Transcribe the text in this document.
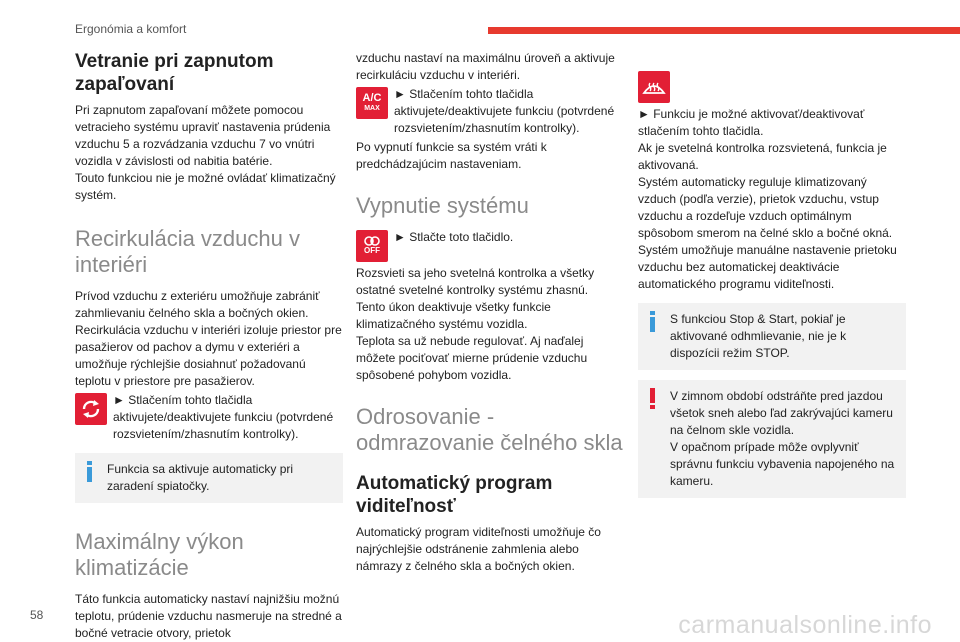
Ergonómia a komfort
Vetranie pri zapnutom zapaľovaní

Pri zapnutom zapaľovaní môžete pomocou vetracieho systému upraviť nastavenia prúdenia vzduchu 5 a rozvádzania vzduchu 7 vo vnútri vozidla v závislosti od nabitia batérie.

Touto funkciou nie je možné ovládať klimatizačný systém.

Recirkulácia vzduchu v interiéri

Prívod vzduchu z exteriéru umožňuje zabrániť zahmlievaniu čelného skla a bočných okien.

Recirkulácia vzduchu v interiéri izoluje priestor pre pasažierov od pachov a dymu v exteriéri a umožňuje rýchlejšie dosiahnuť požadovanú teplotu v priestore pre pasažierov.

► Stlačením tohto tlačidla aktivujete/deaktivujete funkciu (potvrdené rozsvietením/zhasnutím kontrolky).

Funkcia sa aktivuje automaticky pri zaradení spiatočky.

Maximálny výkon klimatizácie

Táto funkcia automaticky nastaví najnižšiu možnú teplotu, prúdenie vzduchu nasmeruje na stredné a bočné vetracie otvory, prietok

vzduchu nastaví na maximálnu úroveň a aktivuje recirkuláciu vzduchu v interiéri.

A/C
MAX

► Stlačením tohto tlačidla aktivujete/deaktivujete funkciu (potvrdené rozsvietením/zhasnutím kontrolky).

Po vypnutí funkcie sa systém vráti k predchádzajúcim nastaveniam.

Vypnutie systému
OFF

► Stlačte toto tlačidlo.

Rozsvieti sa jeho svetelná kontrolka a všetky ostatné svetelné kontrolky systému zhasnú.

Tento úkon deaktivuje všetky funkcie klimatizačného systému vozidla.

Teplota sa už nebude regulovať. Aj naďalej môžete pociťovať mierne prúdenie vzduchu spôsobené pohybom vozidla.

Odrosovanie - odmrazovanie čelného skla
Automatický program viditeľnosť

Automatický program viditeľnosti umožňuje čo najrýchlejšie odstránenie zahmlenia alebo námrazy z čelného skla a bočných okien.

► Funkciu je možné aktivovať/deaktivovať stlačením tohto tlačidla.

Ak je svetelná kontrolka rozsvietená, funkcia je aktivovaná.

Systém automaticky reguluje klimatizovaný vzduch (podľa verzie), prietok vzduchu, vstup vzduchu a rozdeľuje vzduch optimálnym spôsobom smerom na čelné sklo a bočné okná.

Systém umožňuje manuálne nastavenie prietoku vzduchu bez automatickej deaktivácie automatického programu viditeľnosti.

S funkciou Stop & Start, pokiaľ je aktivované odhmlievanie, nie je k dispozícii režim STOP.

V zimnom období odstráňte pred jazdou všetok sneh alebo ľad zakrývajúci kameru na čelnom skle vozidla.

V opačnom prípade môže ovplyvniť správnu funkciu vybavenia napojeného na kameru.

58	carmanualsonline.info
